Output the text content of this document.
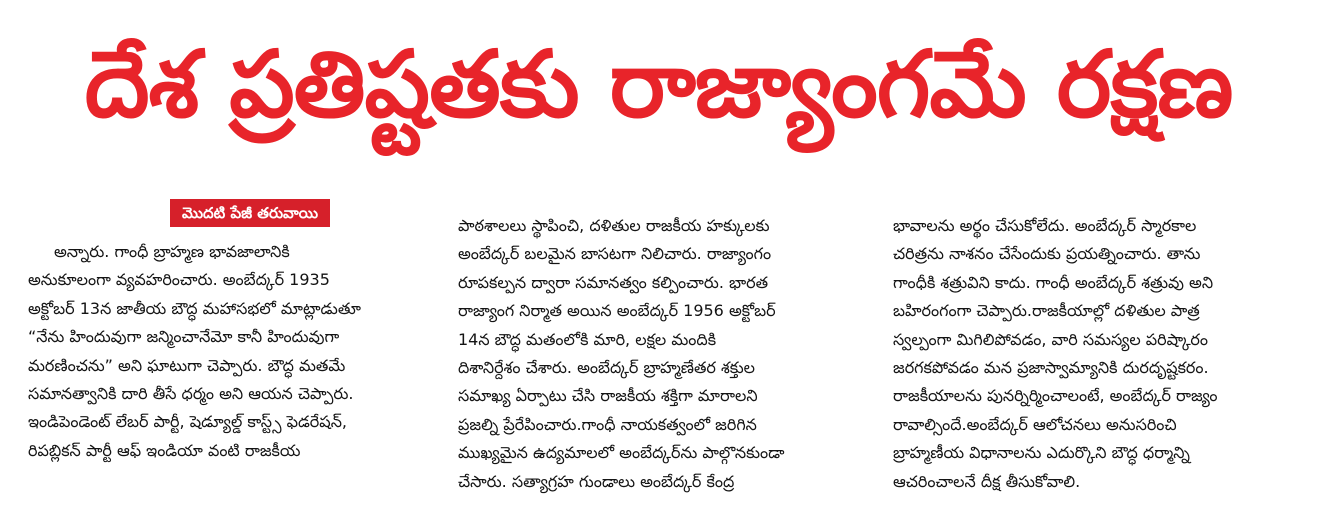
దేశ ప్రతిష్టతకు రాజ్యాంగమే రక్షణ
మొదటి పేజీ తరువాయి
అన్నారు. గాంధీ బ్రాహ్మణ భావజాలానికి
అనుకూలంగా వ్యవహరించారు. అంబేద్కర్ 1935
అక్టోబర్ 13న జాతీయ బౌద్ధ మహాసభలో మాట్లాడుతూ
“నేను హిందువుగా జన్మించానేమో కానీ హిందువుగా
మరణించను” అని ఘాటుగా చెప్పారు. బౌద్ధ మతమే
సమానత్వానికి దారి తీసే ధర్మం అని ఆయన చెప్పారు.
ఇండిపెండెంట్ లేబర్ పార్టీ, షెడ్యూల్డ్ కాస్ట్స్ ఫెడరేషన్,
రిపబ్లికన్ పార్టీ ఆఫ్ ఇండియా వంటి రాజకీయ
పాఠశాలలు స్థాపించి, దళితుల రాజకీయ హక్కులకు
అంబేద్కర్ బలమైన బాసటగా నిలిచారు. రాజ్యాంగం
రూపకల్పన ద్వారా సమానత్వం కల్పించారు. భారత
రాజ్యాంగ నిర్మాత అయిన అంబేద్కర్ 1956 అక్టోబర్
14న బౌద్ధ మతంలోకి మారి, లక్షల మందికి
దిశానిర్దేశం చేశారు. అంబేద్కర్ బ్రాహ్మణేతర శక్తుల
సమాఖ్య ఏర్పాటు చేసి రాజకీయ శక్తిగా మారాలని
ప్రజల్ని ప్రేరేపించారు.గాంధీ నాయకత్వంలో జరిగిన
ముఖ్యమైన ఉద్యమాలలో అంబేద్కర్‌ను పాల్గొనకుండా
చేసారు. సత్యాగ్రహ గుండాలు అంబేద్కర్ కేంద్ర
భావాలను అర్థం చేసుకోలేదు. అంబేద్కర్ స్మారకాల
చరిత్రను నాశనం చేసేందుకు ప్రయత్నించారు. తాను
గాంధీకి శత్రువిని కాదు. గాంధీ అంబేద్కర్ శత్రువు అని
బహిరంగంగా చెప్పారు.రాజకీయాల్లో దళితుల పాత్ర
స్వల్పంగా మిగిలిపోవడం, వారి సమస్యల పరిష్కారం
జరగకపోవడం మన ప్రజాస్వామ్యానికి దురదృష్టకరం.
రాజకీయాలను పునర్నిర్మించాలంటే, అంబేద్కర్ రాజ్యం
రావాల్సిందే.అంబేద్కర్ ఆలోచనలు అనుసరించి
బ్రాహ్మణీయ విధానాలను ఎదుర్కొని బౌద్ధ ధర్మాన్ని
ఆచరించాలనే దీక్ష తీసుకోవాలి.
